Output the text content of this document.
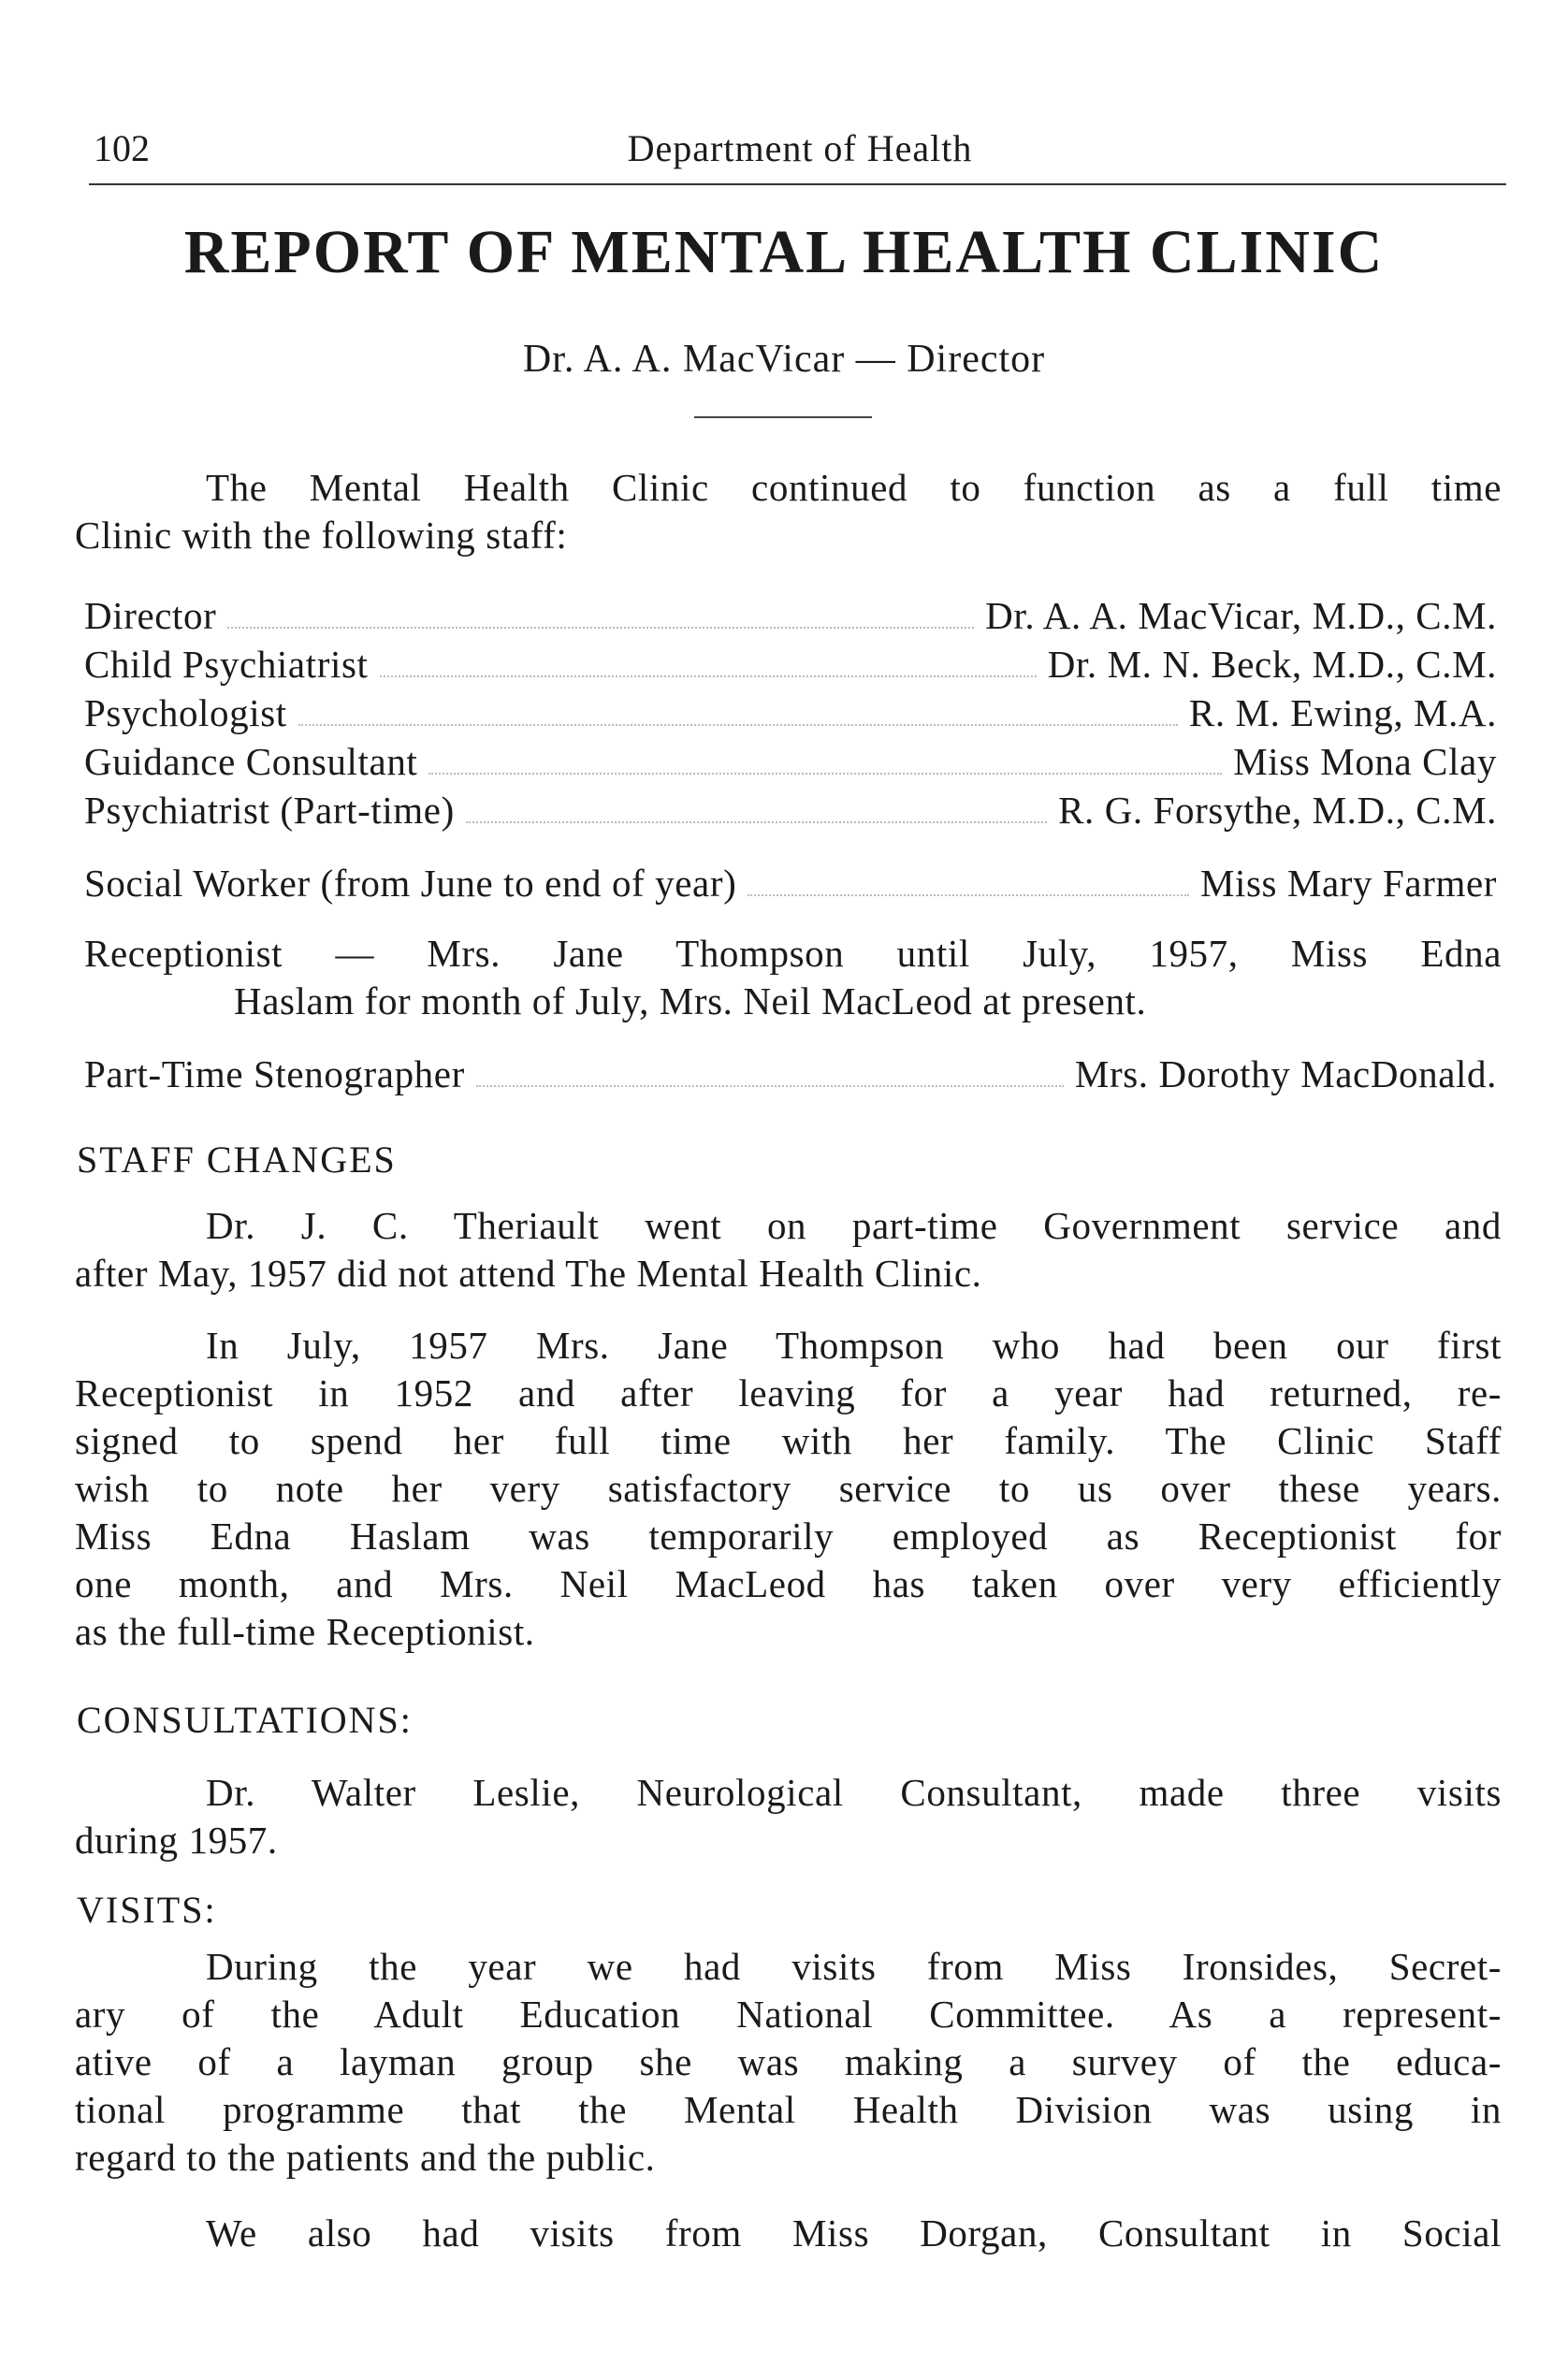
102	Department of Health
REPORT OF MENTAL HEALTH CLINIC
Dr. A. A. MacVicar — Director
The Mental Health Clinic continued to function as a full time
Clinic with the following staff:
Director	Dr. A. A. MacVicar, M.D., C.M.
Child Psychiatrist	Dr. M. N. Beck, M.D., C.M.
Psychologist	R. M. Ewing, M.A.
Guidance Consultant	Miss Mona Clay
Psychiatrist (Part-time)	R. G. Forsythe, M.D., C.M.
Social Worker (from June to end of year)	Miss Mary Farmer
Receptionist — Mrs. Jane Thompson until July, 1957, Miss Edna
Haslam for month of July, Mrs. Neil MacLeod at present.
Part-Time Stenographer	Mrs. Dorothy MacDonald.
STAFF CHANGES
Dr. J. C. Theriault went on part-time Government service and
after May, 1957 did not attend The Mental Health Clinic.
In July, 1957 Mrs. Jane Thompson who had been our first
Receptionist in 1952 and after leaving for a year had returned, re-
signed to spend her full time with her family. The Clinic Staff
wish to note her very satisfactory service to us over these years.
Miss Edna Haslam was temporarily employed as Receptionist for
one month, and Mrs. Neil MacLeod has taken over very efficiently
as the full-time Receptionist.
CONSULTATIONS:
Dr. Walter Leslie, Neurological Consultant, made three visits
during 1957.
VISITS:
During the year we had visits from Miss Ironsides, Secret-
ary of the Adult Education National Committee. As a represent-
ative of a layman group she was making a survey of the educa-
tional programme that the Mental Health Division was using in
regard to the patients and the public.
We also had visits from Miss Dorgan, Consultant in Social
